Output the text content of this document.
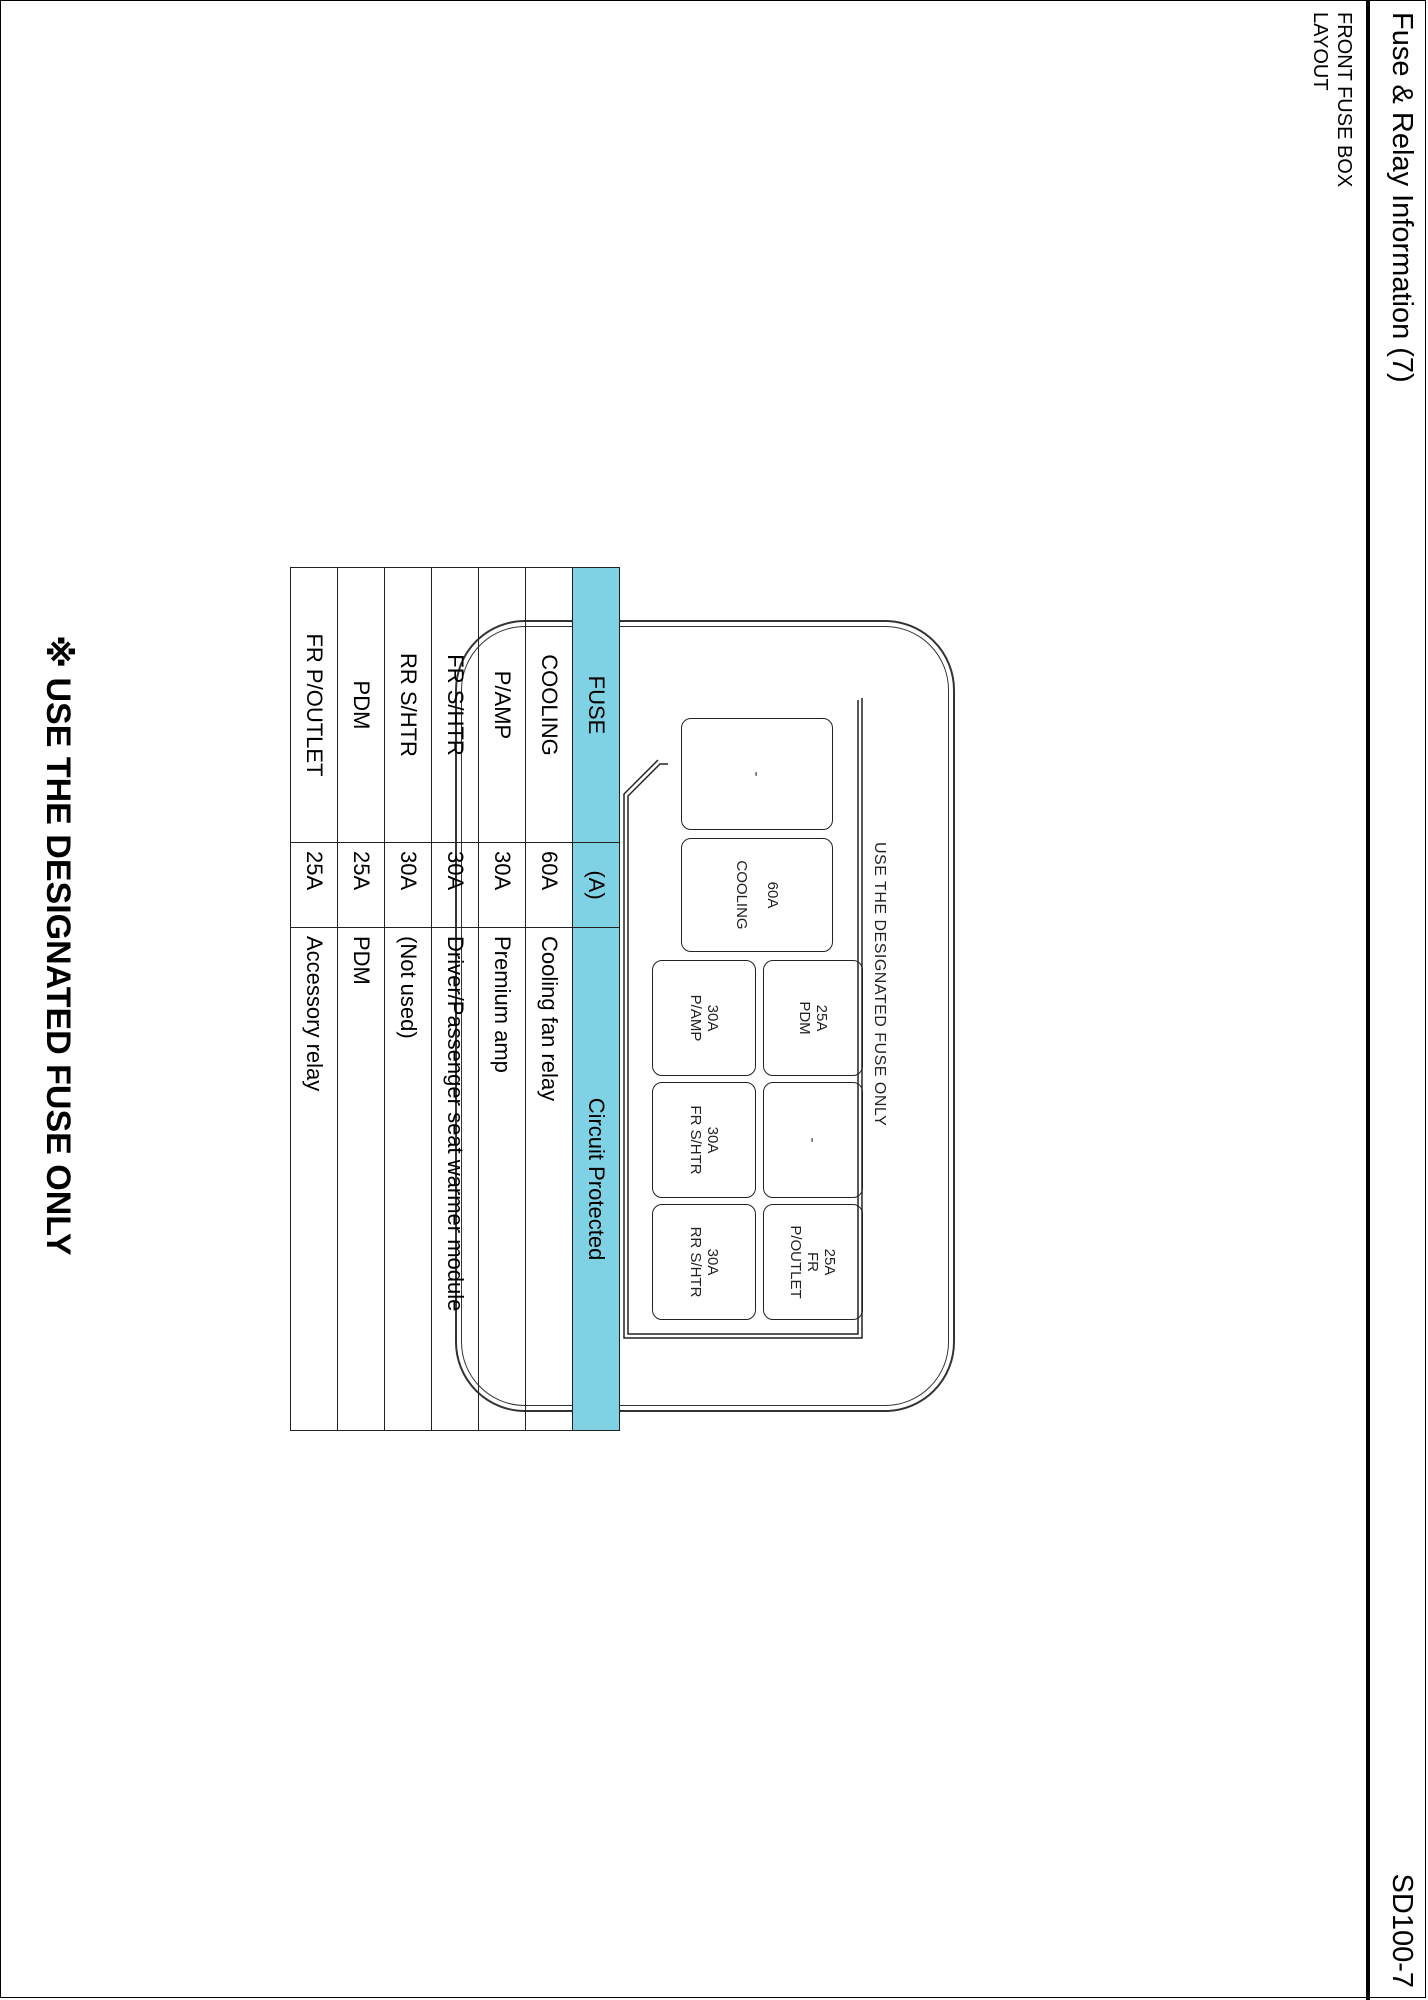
Fuse & Relay Information (7)
SD100-7
FRONT FUSE BOX
LAYOUT
-
60A
COOLING
30A
P/AMP	25A
PDM
30A
FR S/HTR	-
30A
RR S/HTR	25A
FR
P/OUTLET
USE THE DESIGNATED FUSE ONLY
FUSE	(A)	Circuit Protected
COOLING	60A	Cooling fan relay
P/AMP	30A	Premium amp
FR S/HTR	30A	Driver/Passenger seat warmer module
RR S/HTR	30A	(Not used)
PDM	25A	PDM
FR P/OUTLET	25A	Accessory relay
※ USE THE DESIGNATED FUSE ONLY
